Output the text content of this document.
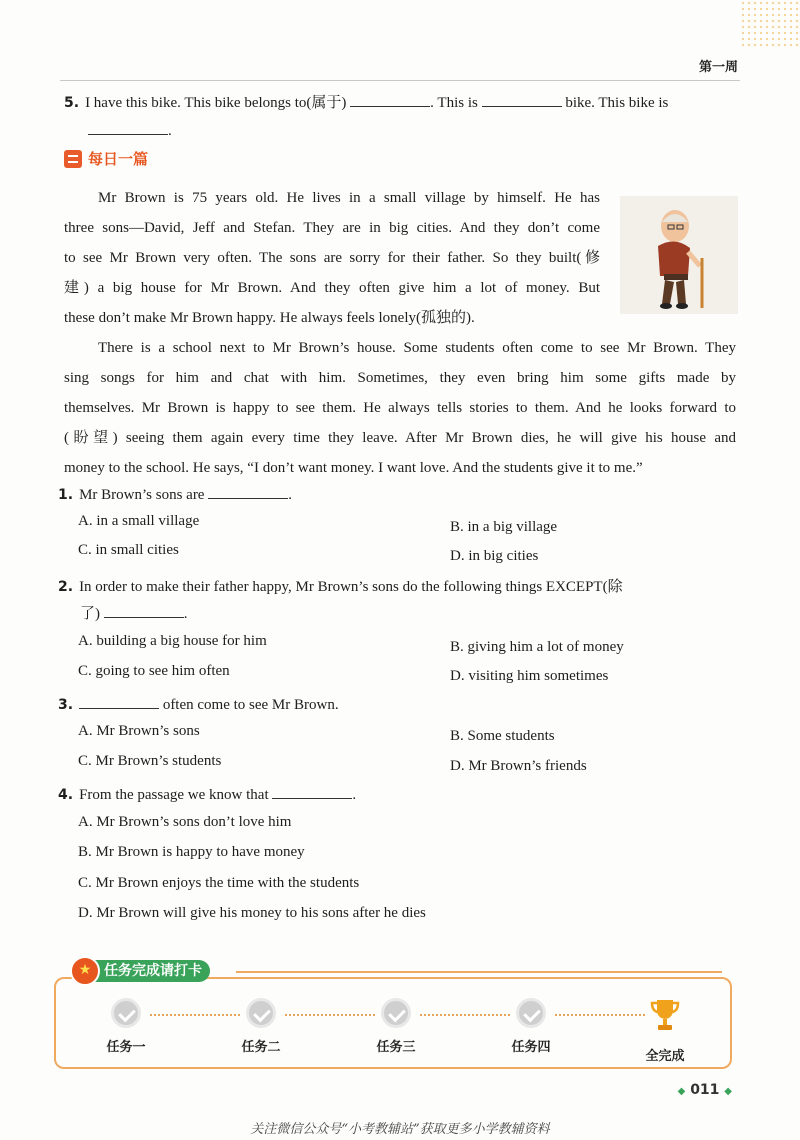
第一周
5. I have this bike. This bike belongs to(属于)	. This is	bike. This bike is
.
每日一篇
Mr Brown is 75 years old. He lives in a small village by himself. He has
three sons—David, Jeff and Stefan. They are in big cities. And they don’t come
to see Mr Brown very often. The sons are sorry for their father. So they built(修
建) a big house for Mr Brown. And they often give him a lot of money. But
these don’t make Mr Brown happy. He always feels lonely(孤独的).
There is a school next to Mr Brown’s house. Some students often come to see Mr Brown. They
sing songs for him and chat with him. Sometimes, they even bring him some gifts made by
themselves. Mr Brown is happy to see them. He always tells stories to them. And he looks forward to
(盼望) seeing them again every time they leave. After Mr Brown dies, he will give his house and
money to the school. He says, “I don’t want money. I want love. And the students give it to me.”
1. Mr Brown’s sons are	.
A. in a small village	B. in a big village
C. in small cities	D. in big cities
2. In order to make their father happy, Mr Brown’s sons do the following things EXCEPT(除
了)	.
A. building a big house for him	B. giving him a lot of money
C. going to see him often	D. visiting him sometimes
3.	often come to see Mr Brown.
A. Mr Brown’s sons	B. Some students
C. Mr Brown’s students	D. Mr Brown’s friends
4. From the passage we know that	.
A. Mr Brown’s sons don’t love him
B. Mr Brown is happy to have money
C. Mr Brown enjoys the time with the students
D. Mr Brown will give his money to his sons after he dies
任务完成请打卡
★
任务一	任务二	任务三	任务四
全完成
◆ 011 ◆
关注微信公众号“小考教辅站”获取更多小学教辅资料
